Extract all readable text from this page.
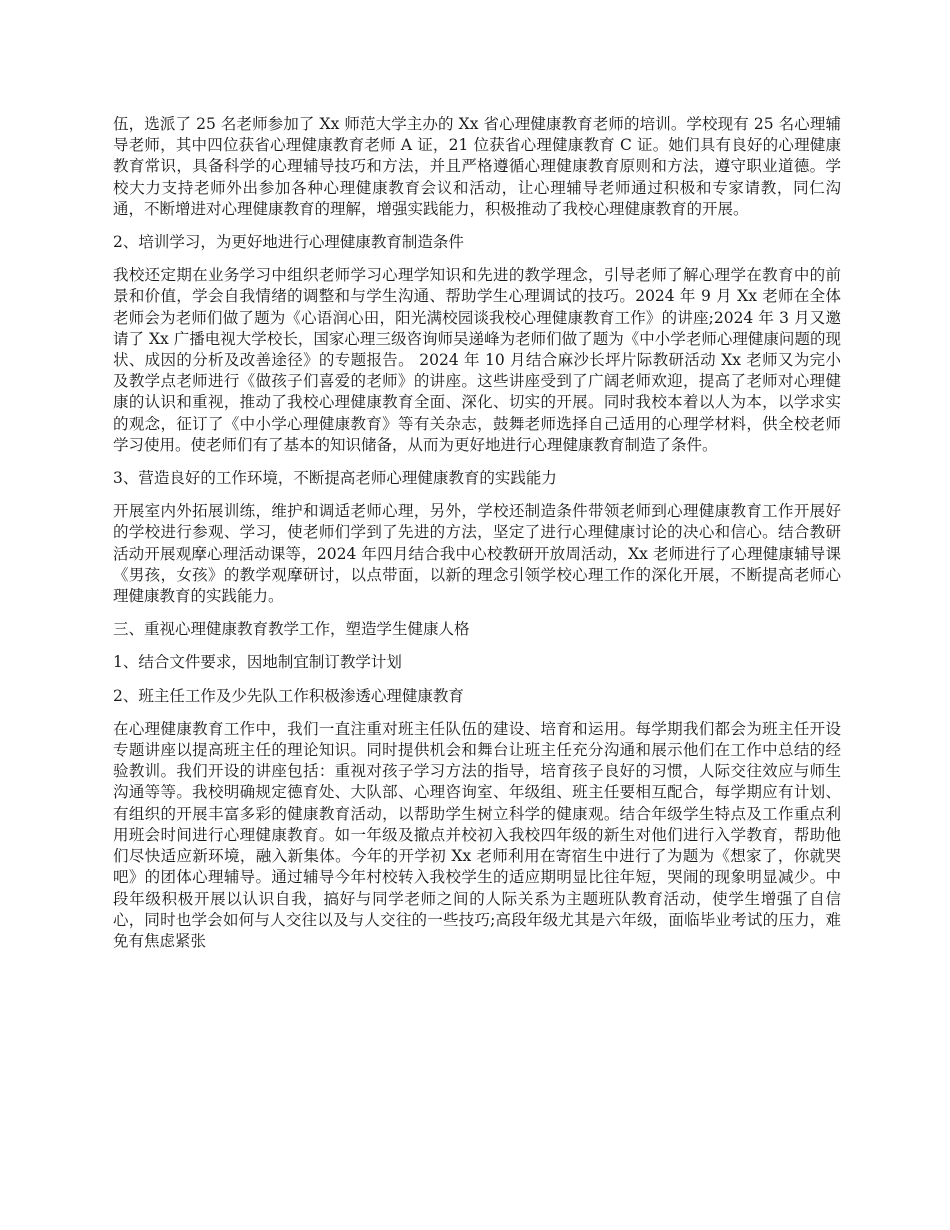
伍，选派了 25 名老师参加了 Xx 师范大学主办的 Xx 省心理健康教育老师的培训。学校现有 25 名心理辅导老师，其中四位获省心理健康教育老师 A 证，21 位获省心理健康教育 C 证。她们具有良好的心理健康教育常识，具备科学的心理辅导技巧和方法，并且严格遵循心理健康教育原则和方法，遵守职业道德。学校大力支持老师外出参加各种心理健康教育会议和活动，让心理辅导老师通过积极和专家请教，同仁沟通，不断增进对心理健康教育的理解，增强实践能力，积极推动了我校心理健康教育的开展。

2、培训学习，为更好地进行心理健康教育制造条件

我校还定期在业务学习中组织老师学习心理学知识和先进的教学理念，引导老师了解心理学在教育中的前景和价值，学会自我情绪的调整和与学生沟通、帮助学生心理调试的技巧。2024 年 9 月 Xx 老师在全体老师会为老师们做了题为《心语润心田，阳光满校园谈我校心理健康教育工作》的讲座;2024 年 3 月又邀请了 Xx 广播电视大学校长，国家心理三级咨询师吴递峰为老师们做了题为《中小学老师心理健康问题的现状、成因的分析及改善途径》的专题报告。 2024 年 10 月结合麻沙长坪片际教研活动 Xx 老师又为完小及教学点老师进行《做孩子们喜爱的老师》的讲座。这些讲座受到了广阔老师欢迎，提高了老师对心理健康的认识和重视，推动了我校心理健康教育全面、深化、切实的开展。同时我校本着以人为本，以学求实的观念，征订了《中小学心理健康教育》等有关杂志，鼓舞老师选择自己适用的心理学材料，供全校老师学习使用。使老师们有了基本的知识储备，从而为更好地进行心理健康教育制造了条件。

3、营造良好的工作环境，不断提高老师心理健康教育的实践能力

开展室内外拓展训练，维护和调适老师心理，另外，学校还制造条件带领老师到心理健康教育工作开展好的学校进行参观、学习，使老师们学到了先进的方法，坚定了进行心理健康讨论的决心和信心。结合教研活动开展观摩心理活动课等，2024 年四月结合我中心校教研开放周活动，Xx 老师进行了心理健康辅导课《男孩，女孩》的教学观摩研讨，以点带面，以新的理念引领学校心理工作的深化开展，不断提高老师心理健康教育的实践能力。

三、重视心理健康教育教学工作，塑造学生健康人格

1、结合文件要求，因地制宜制订教学计划

2、班主任工作及少先队工作积极渗透心理健康教育

在心理健康教育工作中，我们一直注重对班主任队伍的建设、培育和运用。每学期我们都会为班主任开设专题讲座以提高班主任的理论知识。同时提供机会和舞台让班主任充分沟通和展示他们在工作中总结的经验教训。我们开设的讲座包括：重视对孩子学习方法的指导，培育孩子良好的习惯，人际交往效应与师生沟通等等。我校明确规定德育处、大队部、心理咨询室、年级组、班主任要相互配合，每学期应有计划、有组织的开展丰富多彩的健康教育活动，以帮助学生树立科学的健康观。结合年级学生特点及工作重点利用班会时间进行心理健康教育。如一年级及撤点并校初入我校四年级的新生对他们进行入学教育，帮助他们尽快适应新环境，融入新集体。今年的开学初 Xx 老师利用在寄宿生中进行了为题为《想家了，你就哭吧》的团体心理辅导。通过辅导今年村校转入我校学生的适应期明显比往年短，哭闹的现象明显减少。中段年级积极开展以认识自我，搞好与同学老师之间的人际关系为主题班队教育活动，使学生增强了自信心，同时也学会如何与人交往以及与人交往的一些技巧;高段年级尤其是六年级，面临毕业考试的压力，难免有焦虑紧张
